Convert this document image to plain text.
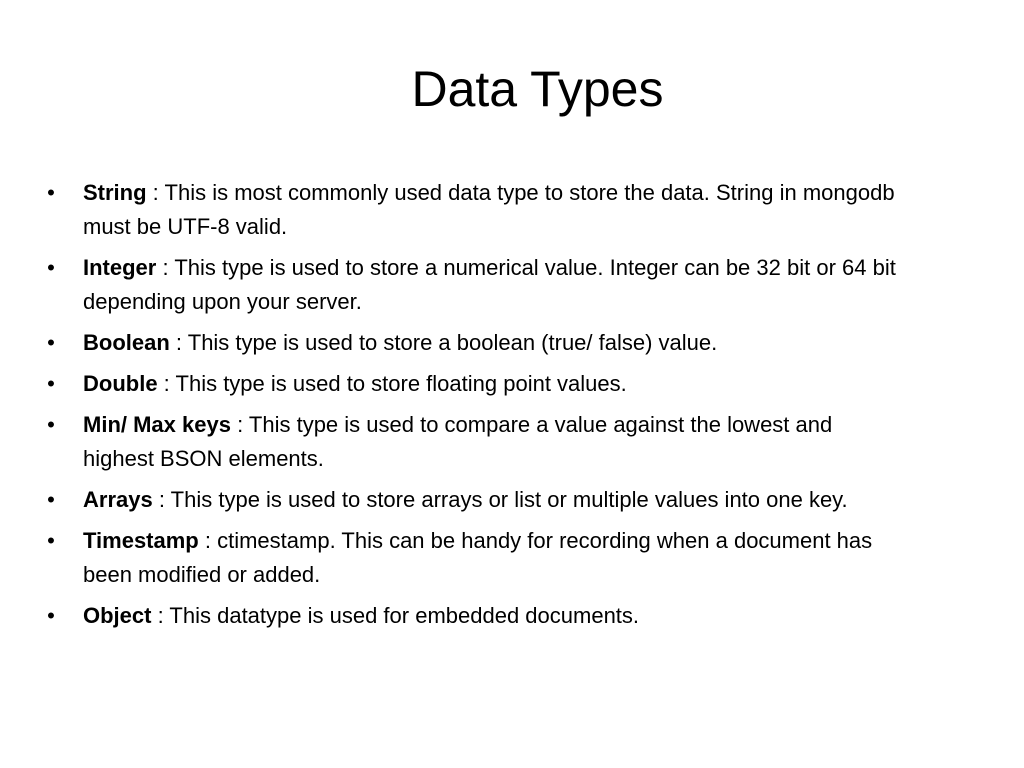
Data Types
• String : This is most commonly used data type to store the data. String in mongodb must be UTF-8 valid.
• Integer : This type is used to store a numerical value. Integer can be 32 bit or 64 bit depending upon your server.
• Boolean : This type is used to store a boolean (true/ false) value.
• Double : This type is used to store floating point values.
• Min/ Max keys : This type is used to compare a value against the lowest and highest BSON elements.
• Arrays : This type is used to store arrays or list or multiple values into one key.
• Timestamp : ctimestamp. This can be handy for recording when a document has been modified or added.
• Object : This datatype is used for embedded documents.
